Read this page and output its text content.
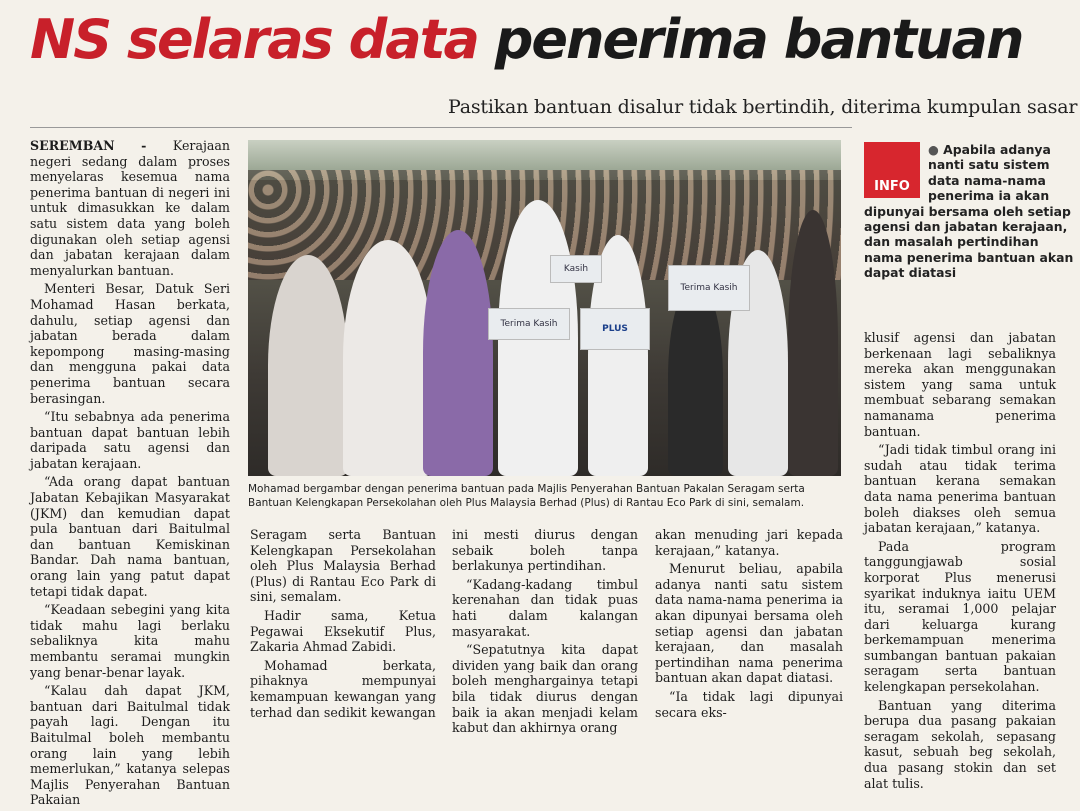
NS selaras data penerima bantuan
Pastikan bantuan disalur tidak bertindih, diterima kumpulan sasar

SEREMBAN - Kerajaan negeri sedang dalam proses menyelaras kesemua nama penerima bantuan di negeri ini untuk dimasukkan ke dalam satu sistem data yang boleh digunakan oleh setiap agensi dan jabatan kerajaan dalam menyalurkan bantuan.

Menteri Besar, Datuk Seri Mohamad Hasan berkata, dahulu, setiap agensi dan jabatan berada dalam kepompong masing-masing dan mengguna pakai data penerima bantuan secara berasingan.

“Itu sebabnya ada penerima bantuan dapat bantuan lebih daripada satu agensi dan jabatan kerajaan.

“Ada orang dapat bantuan Jabatan Kebajikan Masyarakat (JKM) dan kemudian dapat pula bantuan dari Baitulmal dan bantuan Kemiskinan Bandar. Dah nama bantuan, orang lain yang patut dapat tetapi tidak dapat.

“Keadaan sebegini yang kita tidak mahu lagi berlaku sebaliknya kita mahu membantu seramai mungkin yang benar-benar layak.

“Kalau dah dapat JKM, bantuan dari Baitulmal tidak payah lagi. Dengan itu Baitulmal boleh membantu orang lain yang lebih memerlukan,” katanya selepas Majlis Penyerahan Bantuan Pakaian

Kasih
Terima Kasih
Terima Kasih
PLUS
Mohamad bergambar dengan penerima bantuan pada Majlis Penyerahan Bantuan Pakalan Seragam serta Bantuan Kelengkapan Persekolahan oleh Plus Malaysia Berhad (Plus) di Rantau Eco Park di sini, semalam.

Seragam serta Bantuan Kelengkapan Persekolahan oleh Plus Malaysia Berhad (Plus) di Rantau Eco Park di sini, semalam.

Hadir sama, Ketua Pegawai Eksekutif Plus, Zakaria Ahmad Zabidi.

Mohamad berkata, pihaknya mempunyai kemampuan kewangan yang terhad dan sedikit kewangan

ini mesti diurus dengan sebaik boleh tanpa berlakunya pertindihan.

“Kadang-kadang timbul kerenahan dan tidak puas hati dalam kalangan masyarakat.

“Sepatutnya kita dapat dividen yang baik dan orang boleh menghargainya tetapi bila tidak diurus dengan baik ia akan menjadi kelam kabut dan akhirnya orang

akan menuding jari kepada kerajaan,” katanya.

Menurut beliau, apabila adanya nanti satu sistem data nama-nama penerima ia akan dipunyai bersama oleh setiap agensi dan jabatan kerajaan, dan masalah pertindihan nama penerima bantuan akan dapat diatasi.

“Ia tidak lagi dipunyai secara eks-

INFO
● Apabila adanya nanti satu sistem data nama-nama penerima ia akan dipunyai bersama oleh setiap agensi dan jabatan kerajaan, dan masalah pertindihan nama penerima bantuan akan dapat diatasi

klusif agensi dan jabatan berkenaan lagi sebaliknya mereka akan menggunakan sistem yang sama untuk membuat sebarang semakan namanama penerima bantuan.

“Jadi tidak timbul orang ini sudah atau tidak terima bantuan kerana semakan data nama penerima bantuan boleh diakses oleh semua jabatan kerajaan,” katanya.

Pada program tanggungjawab sosial korporat Plus menerusi syarikat induknya iaitu UEM itu, seramai 1,000 pelajar dari keluarga kurang berkemampuan menerima sumbangan bantuan pakaian seragam serta bantuan kelengkapan persekolahan.

Bantuan yang diterima berupa dua pasang pakaian seragam sekolah, sepasang kasut, sebuah beg sekolah, dua pasang stokin dan set alat tulis.
